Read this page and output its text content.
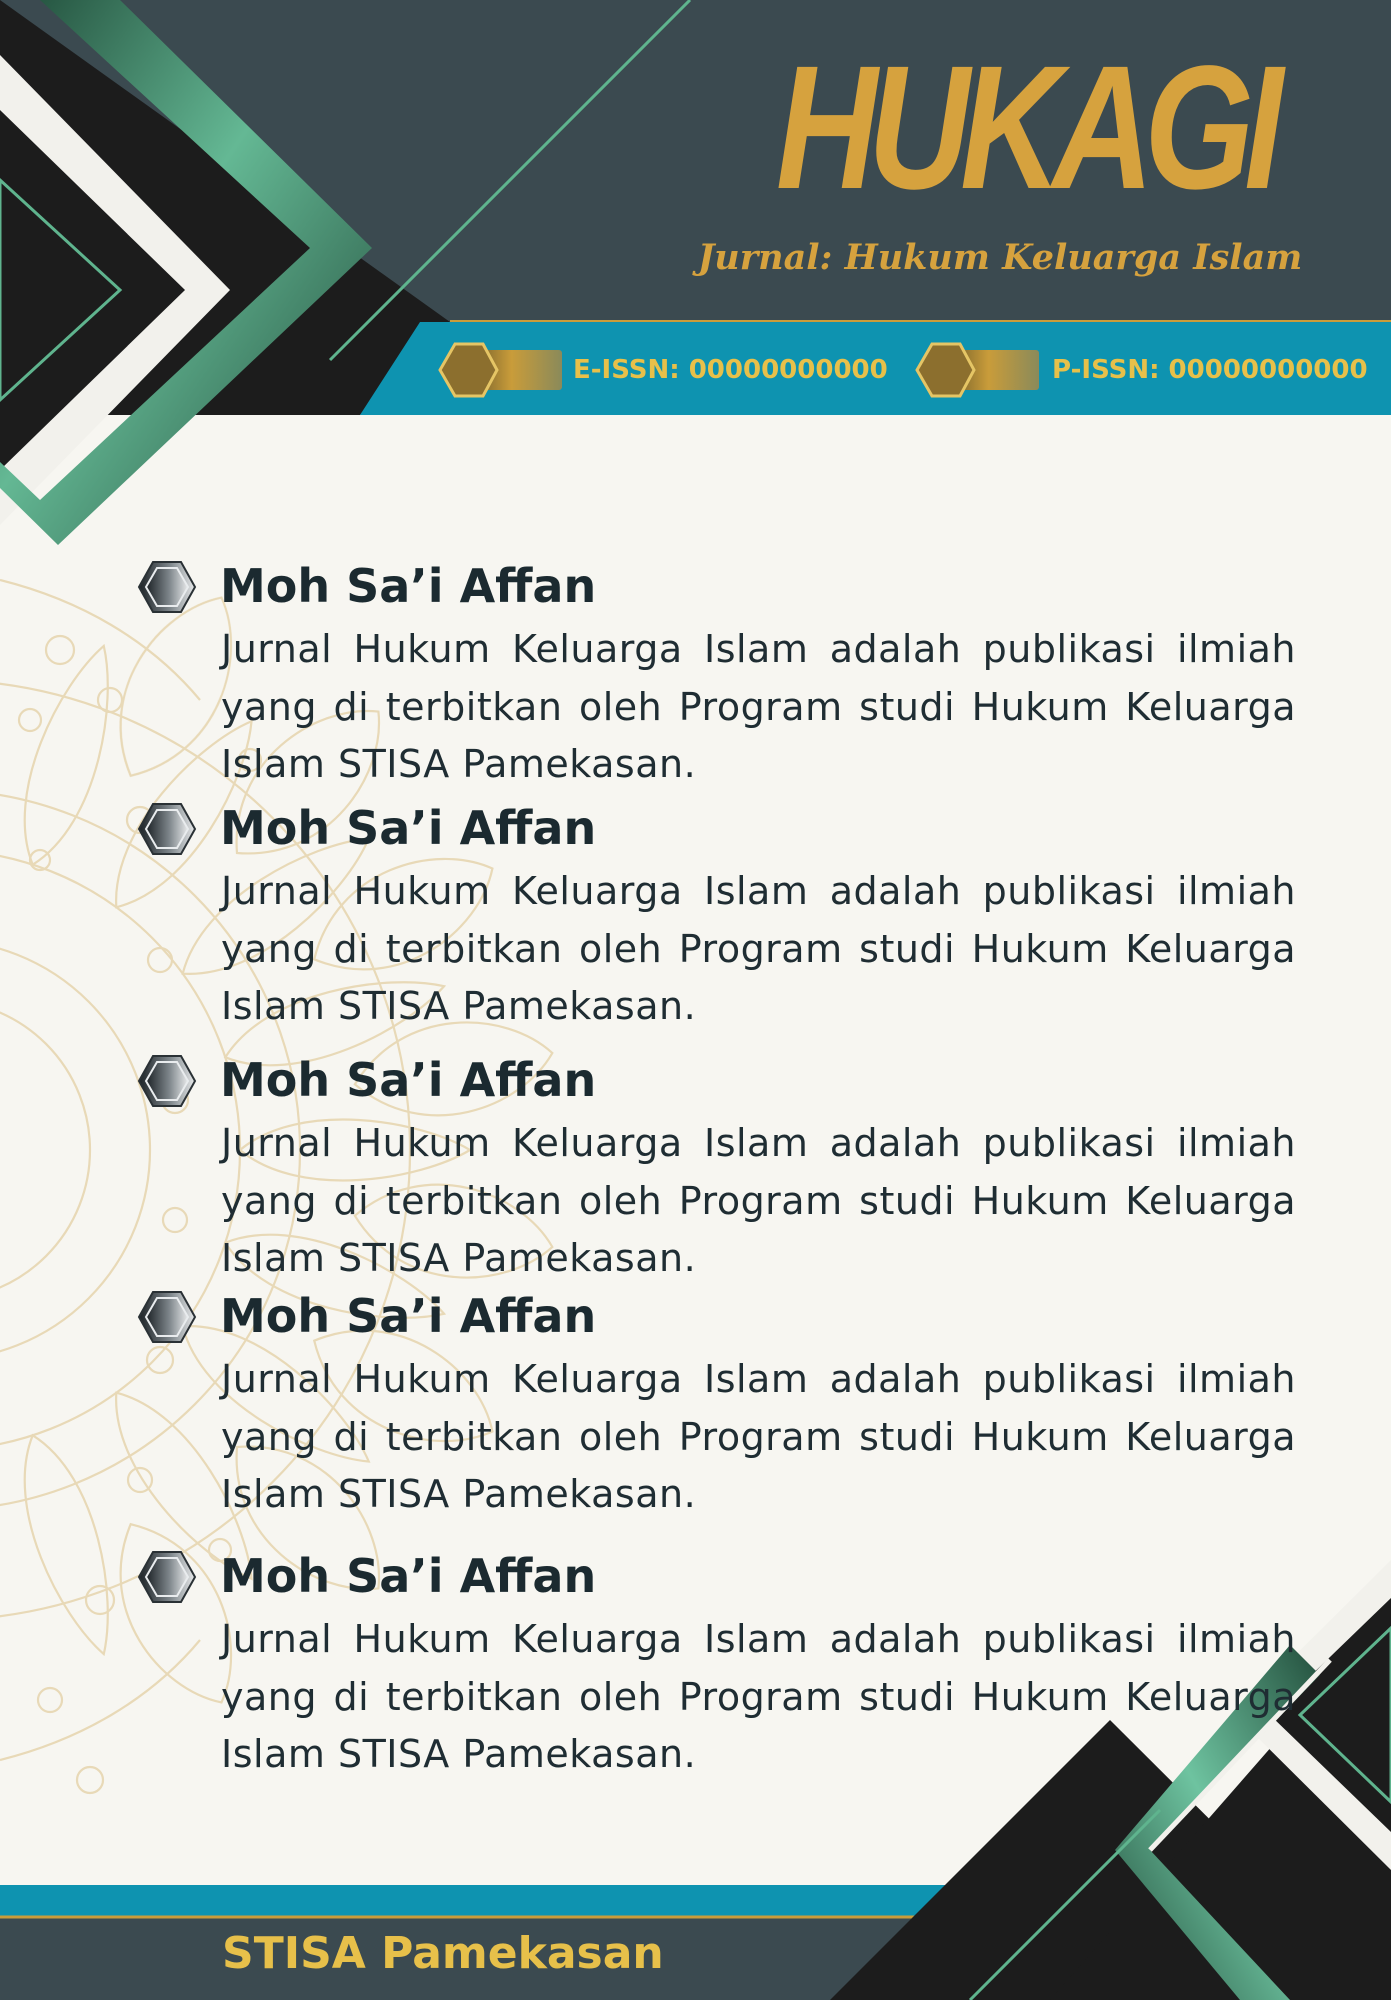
HUKAGI
Jurnal: Hukum Keluarga Islam
E-ISSN: 00000000000	P-ISSN: 00000000000
Moh Sa’i Affan
Jurnal Hukum Keluarga Islam adalah publikasi ilmiah yang di terbitkan oleh Program studi Hukum Keluarga Islam STISA Pamekasan.
Moh Sa’i Affan
Jurnal Hukum Keluarga Islam adalah publikasi ilmiah yang di terbitkan oleh Program studi Hukum Keluarga Islam STISA Pamekasan.
Moh Sa’i Affan
Jurnal Hukum Keluarga Islam adalah publikasi ilmiah yang di terbitkan oleh Program studi Hukum Keluarga Islam STISA Pamekasan.
Moh Sa’i Affan
Jurnal Hukum Keluarga Islam adalah publikasi ilmiah yang di terbitkan oleh Program studi Hukum Keluarga Islam STISA Pamekasan.
Moh Sa’i Affan
Jurnal Hukum Keluarga Islam adalah publikasi ilmiah yang di terbitkan oleh Program studi Hukum Keluarga Islam STISA Pamekasan.
STISA Pamekasan
